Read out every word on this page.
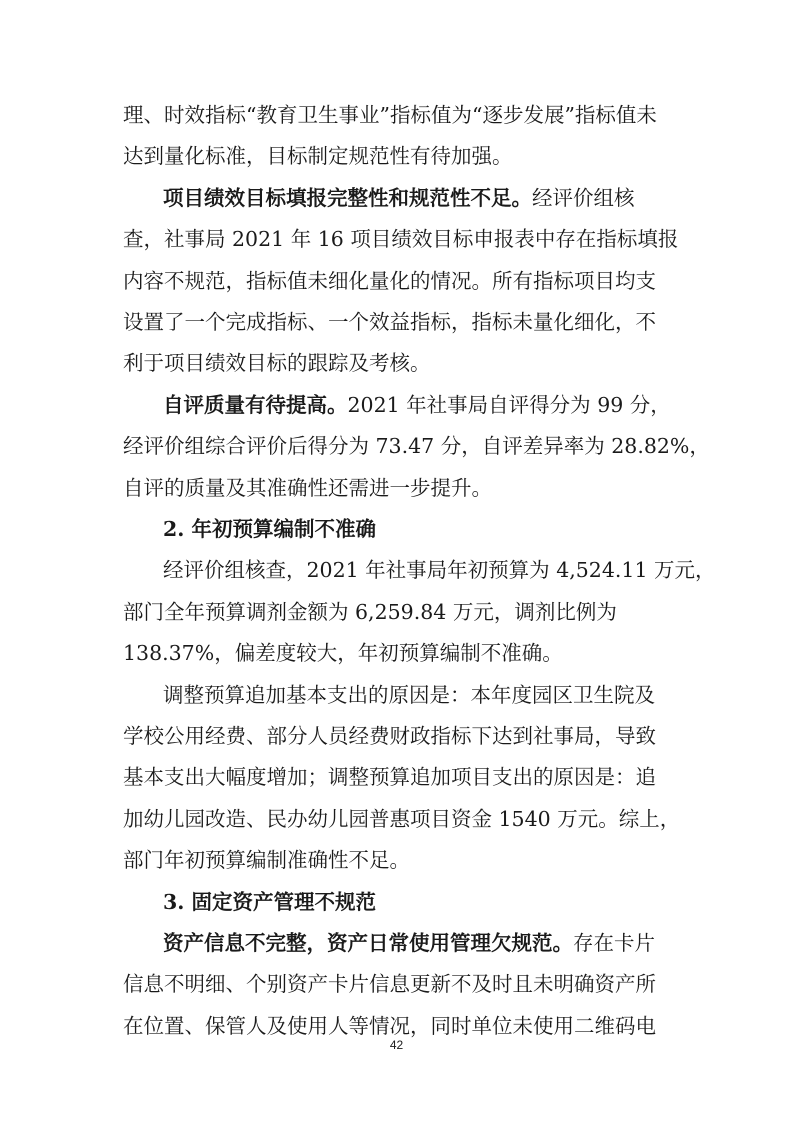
理、时效指标“教育卫生事业”指标值为“逐步发展”指标值未
达到量化标准，目标制定规范性有待加强。
项目绩效目标填报完整性和规范性不足。经评价组核
查，社事局 2021 年 16 项目绩效目标申报表中存在指标填报
内容不规范，指标值未细化量化的情况。所有指标项目均支
设置了一个完成指标、一个效益指标，指标未量化细化，不
利于项目绩效目标的跟踪及考核。
自评质量有待提高。2021 年社事局自评得分为 99 分，
经评价组综合评价后得分为 73.47 分，自评差异率为 28.82%，
自评的质量及其准确性还需进一步提升。
2. 年初预算编制不准确
经评价组核查，2021 年社事局年初预算为 4,524.11 万元，
部门全年预算调剂金额为 6,259.84 万元，调剂比例为
138.37%，偏差度较大，年初预算编制不准确。
调整预算追加基本支出的原因是：本年度园区卫生院及
学校公用经费、部分人员经费财政指标下达到社事局，导致
基本支出大幅度增加；调整预算追加项目支出的原因是：追
加幼儿园改造、民办幼儿园普惠项目资金 1540 万元。综上，
部门年初预算编制准确性不足。
3. 固定资产管理不规范
42
资产信息不完整，资产日常使用管理欠规范。存在卡片
信息不明细、个别资产卡片信息更新不及时且未明确资产所
在位置、保管人及使用人等情况，同时单位未使用二维码电
